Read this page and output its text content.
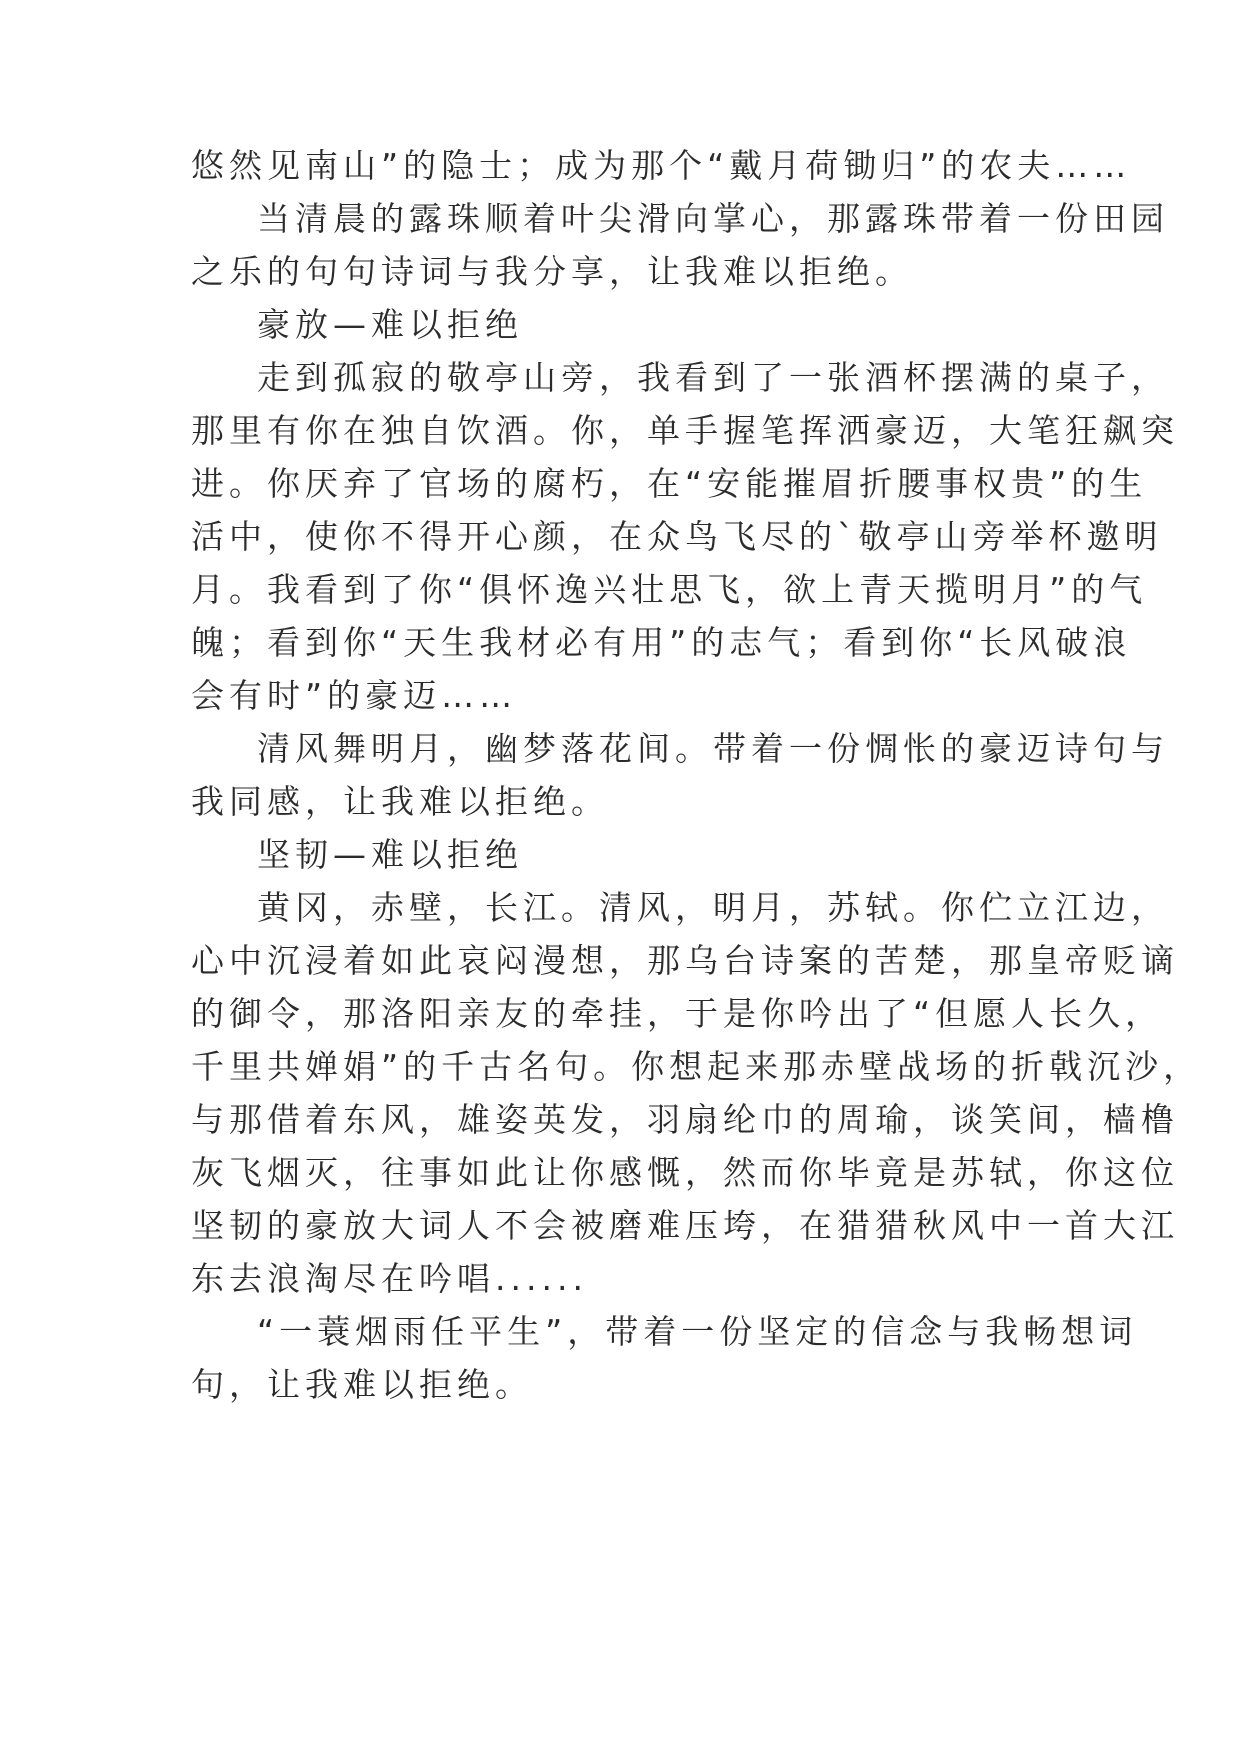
悠然见南山”的隐士；成为那个“戴月荷锄归”的农夫……

当清晨的露珠顺着叶尖滑向掌心，那露珠带着一份田园

之乐的句句诗词与我分享，让我难以拒绝。

豪放—难以拒绝

走到孤寂的敬亭山旁，我看到了一张酒杯摆满的桌子，

那里有你在独自饮酒。你，单手握笔挥洒豪迈，大笔狂飙突

进。你厌弃了官场的腐朽，在“安能摧眉折腰事权贵”的生

活中，使你不得开心颜，在众鸟飞尽的`敬亭山旁举杯邀明

月。我看到了你“俱怀逸兴壮思飞，欲上青天揽明月”的气

魄；看到你“天生我材必有用”的志气；看到你“长风破浪

会有时”的豪迈……

清风舞明月，幽梦落花间。带着一份惆怅的豪迈诗句与

我同感，让我难以拒绝。

坚韧—难以拒绝

黄冈，赤壁，长江。清风，明月，苏轼。你伫立江边，

心中沉浸着如此哀闷漫想，那乌台诗案的苦楚，那皇帝贬谪

的御令，那洛阳亲友的牵挂，于是你吟出了“但愿人长久，

千里共婵娟”的千古名句。你想起来那赤壁战场的折戟沉沙，

与那借着东风，雄姿英发，羽扇纶巾的周瑜，谈笑间，樯橹

灰飞烟灭，往事如此让你感慨，然而你毕竟是苏轼，你这位

坚韧的豪放大词人不会被磨难压垮，在猎猎秋风中一首大江

东去浪淘尽在吟唱......

“一蓑烟雨任平生”，带着一份坚定的信念与我畅想词

句，让我难以拒绝。
